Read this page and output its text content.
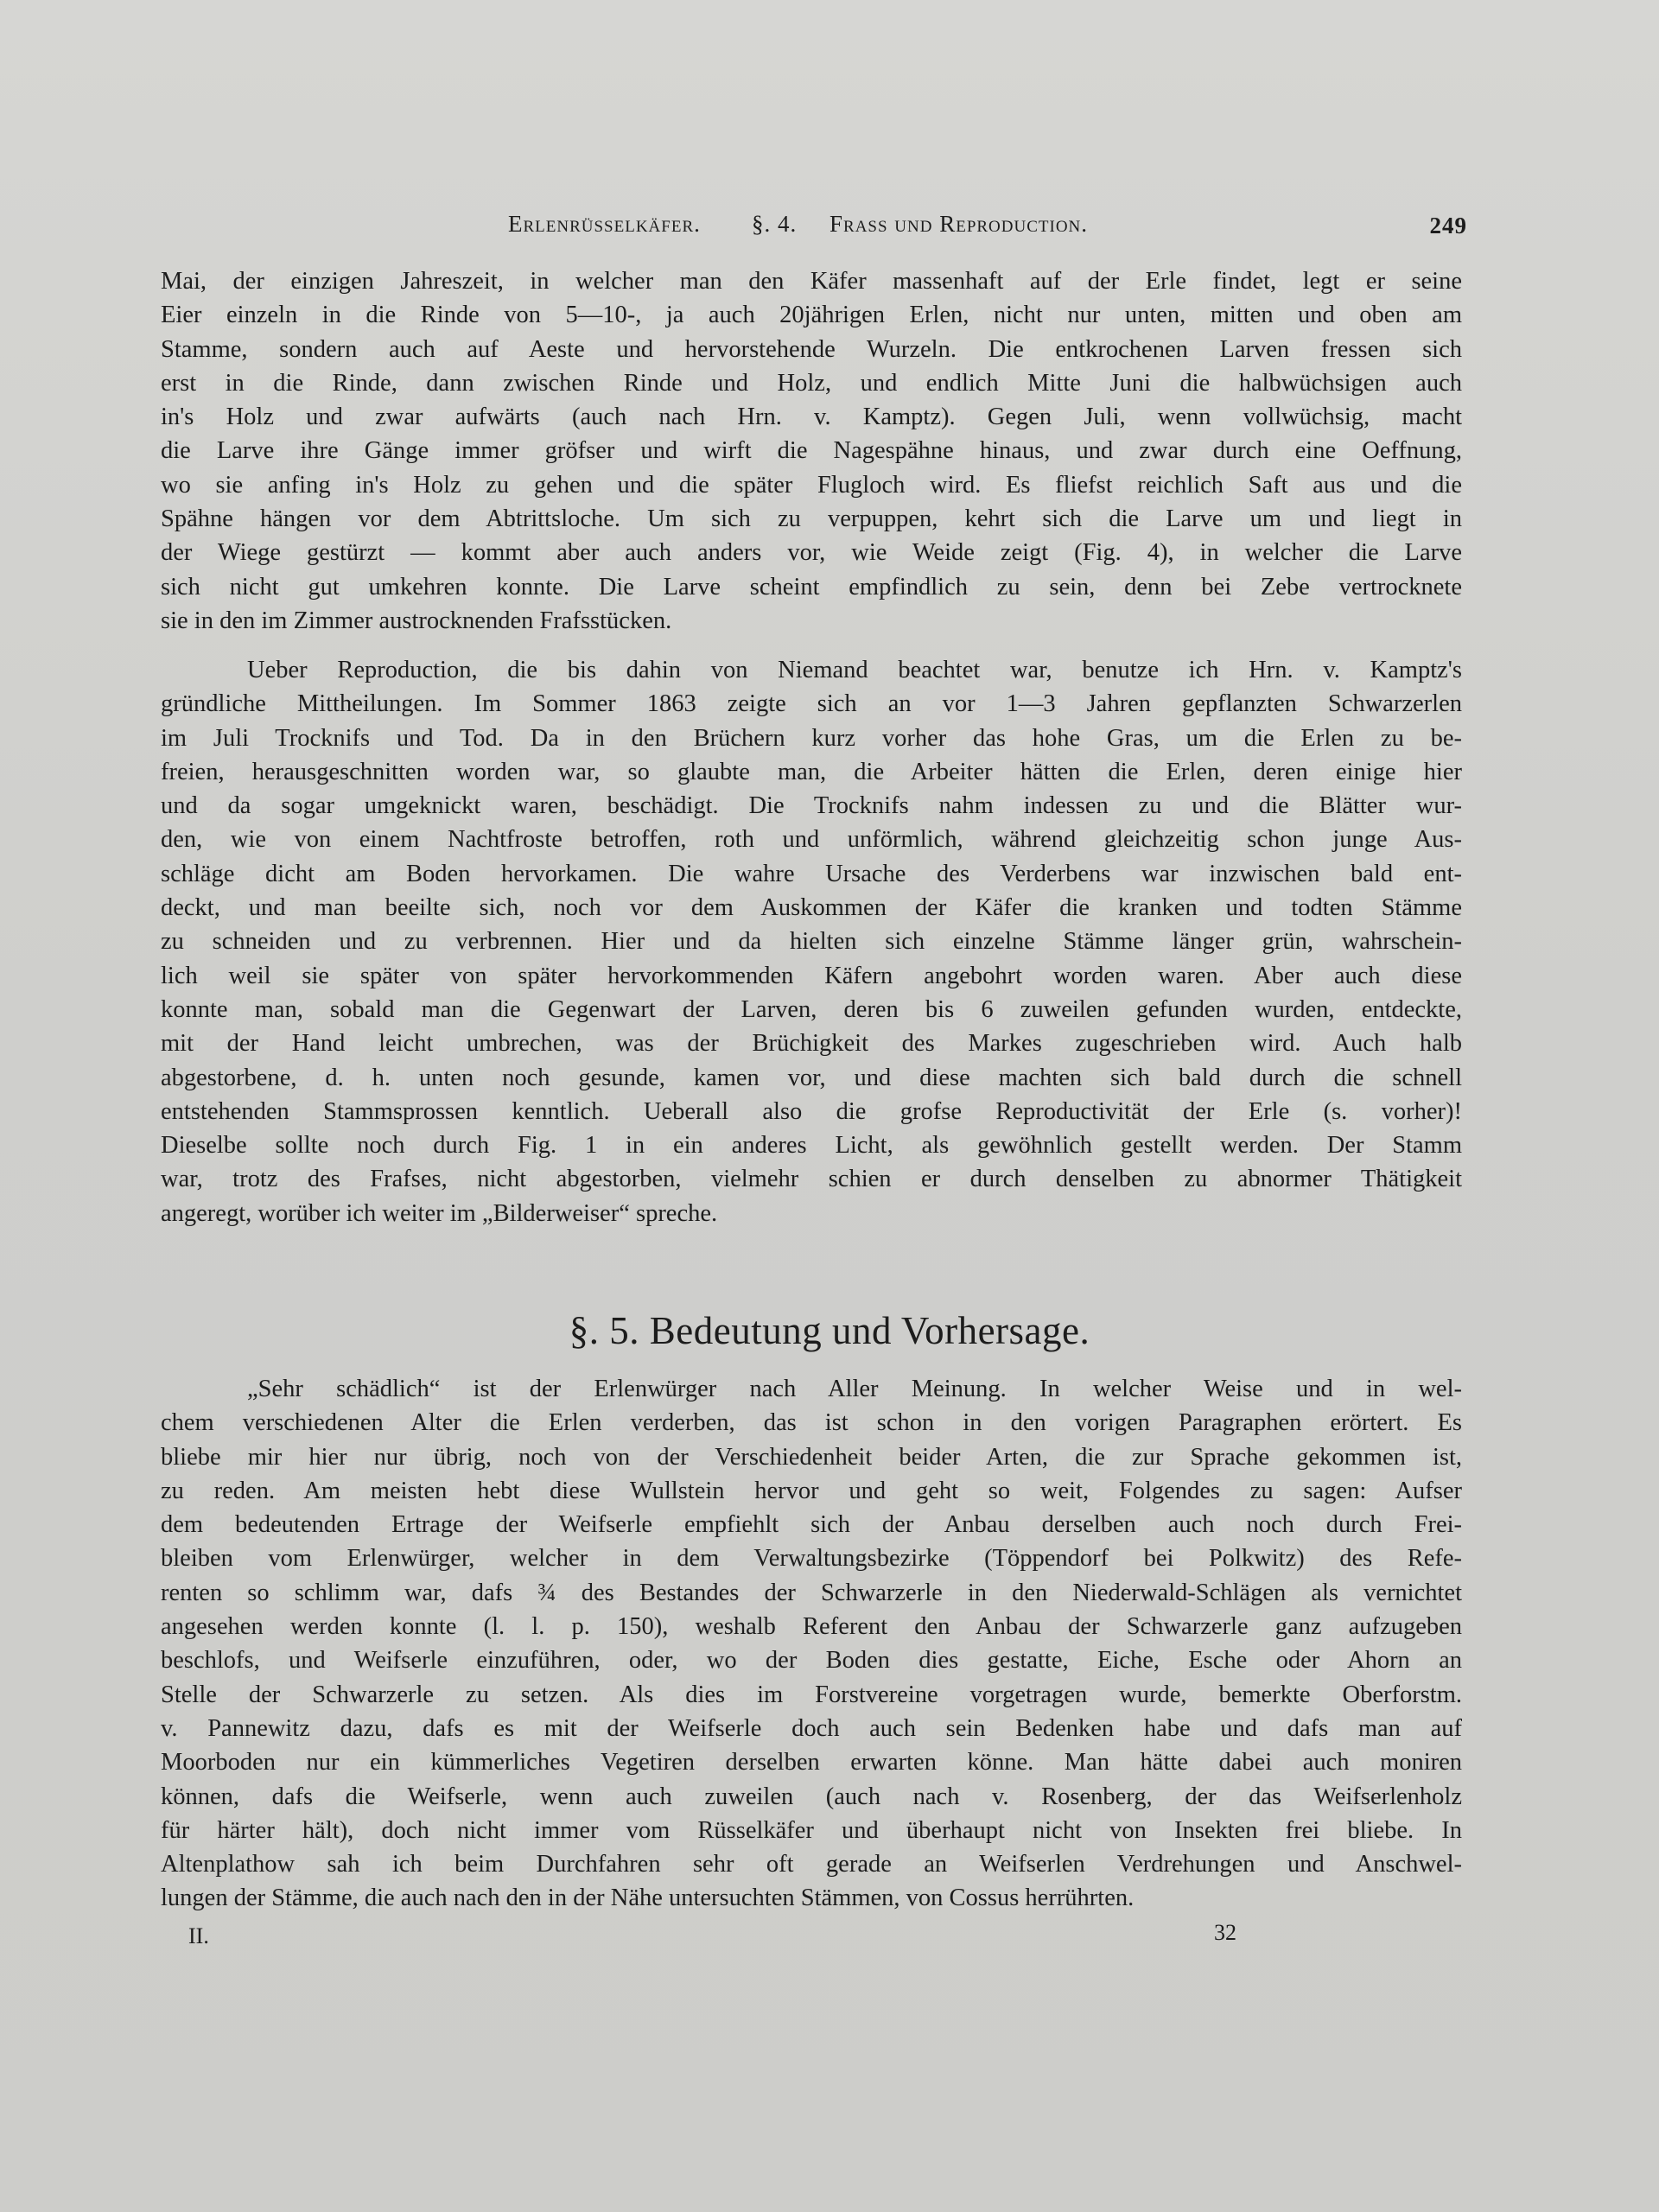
Erlenrüsselkäfer. §. 4. Frass und Reproduction.	249
Mai, der einzigen Jahreszeit, in welcher man den Käfer massenhaft auf der Erle findet, legt er seine
Eier einzeln in die Rinde von 5—10-, ja auch 20jährigen Erlen, nicht nur unten, mitten und oben am
Stamme, sondern auch auf Aeste und hervorstehende Wurzeln. Die entkrochenen Larven fressen sich
erst in die Rinde, dann zwischen Rinde und Holz, und endlich Mitte Juni die halbwüchsigen auch
in's Holz und zwar aufwärts (auch nach Hrn. v. Kamptz). Gegen Juli, wenn vollwüchsig, macht
die Larve ihre Gänge immer gröfser und wirft die Nagespähne hinaus, und zwar durch eine Oeffnung,
wo sie anfing in's Holz zu gehen und die später Flugloch wird. Es fliefst reichlich Saft aus und die
Spähne hängen vor dem Abtrittsloche. Um sich zu verpuppen, kehrt sich die Larve um und liegt in
der Wiege gestürzt — kommt aber auch anders vor, wie Weide zeigt (Fig. 4), in welcher die Larve
sich nicht gut umkehren konnte. Die Larve scheint empfindlich zu sein, denn bei Zebe vertrocknete
sie in den im Zimmer austrocknenden Frafsstücken.
Ueber Reproduction, die bis dahin von Niemand beachtet war, benutze ich Hrn. v. Kamptz's
gründliche Mittheilungen. Im Sommer 1863 zeigte sich an vor 1—3 Jahren gepflanzten Schwarzerlen
im Juli Trocknifs und Tod. Da in den Brüchern kurz vorher das hohe Gras, um die Erlen zu be-
freien, herausgeschnitten worden war, so glaubte man, die Arbeiter hätten die Erlen, deren einige hier
und da sogar umgeknickt waren, beschädigt. Die Trocknifs nahm indessen zu und die Blätter wur-
den, wie von einem Nachtfroste betroffen, roth und unförmlich, während gleichzeitig schon junge Aus-
schläge dicht am Boden hervorkamen. Die wahre Ursache des Verderbens war inzwischen bald ent-
deckt, und man beeilte sich, noch vor dem Auskommen der Käfer die kranken und todten Stämme
zu schneiden und zu verbrennen. Hier und da hielten sich einzelne Stämme länger grün, wahrschein-
lich weil sie später von später hervorkommenden Käfern angebohrt worden waren. Aber auch diese
konnte man, sobald man die Gegenwart der Larven, deren bis 6 zuweilen gefunden wurden, entdeckte,
mit der Hand leicht umbrechen, was der Brüchigkeit des Markes zugeschrieben wird. Auch halb
abgestorbene, d. h. unten noch gesunde, kamen vor, und diese machten sich bald durch die schnell
entstehenden Stammsprossen kenntlich. Ueberall also die grofse Reproductivität der Erle (s. vorher)!
Dieselbe sollte noch durch Fig. 1 in ein anderes Licht, als gewöhnlich gestellt werden. Der Stamm
war, trotz des Frafses, nicht abgestorben, vielmehr schien er durch denselben zu abnormer Thätigkeit
angeregt, worüber ich weiter im „Bilderweiser“ spreche.
§. 5. Bedeutung und Vorhersage.
„Sehr schädlich“ ist der Erlenwürger nach Aller Meinung. In welcher Weise und in wel-
chem verschiedenen Alter die Erlen verderben, das ist schon in den vorigen Paragraphen erörtert. Es
bliebe mir hier nur übrig, noch von der Verschiedenheit beider Arten, die zur Sprache gekommen ist,
zu reden. Am meisten hebt diese Wullstein hervor und geht so weit, Folgendes zu sagen: Aufser
dem bedeutenden Ertrage der Weifserle empfiehlt sich der Anbau derselben auch noch durch Frei-
bleiben vom Erlenwürger, welcher in dem Verwaltungsbezirke (Töppendorf bei Polkwitz) des Refe-
renten so schlimm war, dafs ¾ des Bestandes der Schwarzerle in den Niederwald-Schlägen als vernichtet
angesehen werden konnte (l. l. p. 150), weshalb Referent den Anbau der Schwarzerle ganz aufzugeben
beschlofs, und Weifserle einzuführen, oder, wo der Boden dies gestatte, Eiche, Esche oder Ahorn an
Stelle der Schwarzerle zu setzen. Als dies im Forstvereine vorgetragen wurde, bemerkte Oberforstm.
v. Pannewitz dazu, dafs es mit der Weifserle doch auch sein Bedenken habe und dafs man auf
Moorboden nur ein kümmerliches Vegetiren derselben erwarten könne. Man hätte dabei auch moniren
können, dafs die Weifserle, wenn auch zuweilen (auch nach v. Rosenberg, der das Weifserlenholz
für härter hält), doch nicht immer vom Rüsselkäfer und überhaupt nicht von Insekten frei bliebe. In
Altenplathow sah ich beim Durchfahren sehr oft gerade an Weifserlen Verdrehungen und Anschwel-
lungen der Stämme, die auch nach den in der Nähe untersuchten Stämmen, von Cossus herrührten.
II.	32
